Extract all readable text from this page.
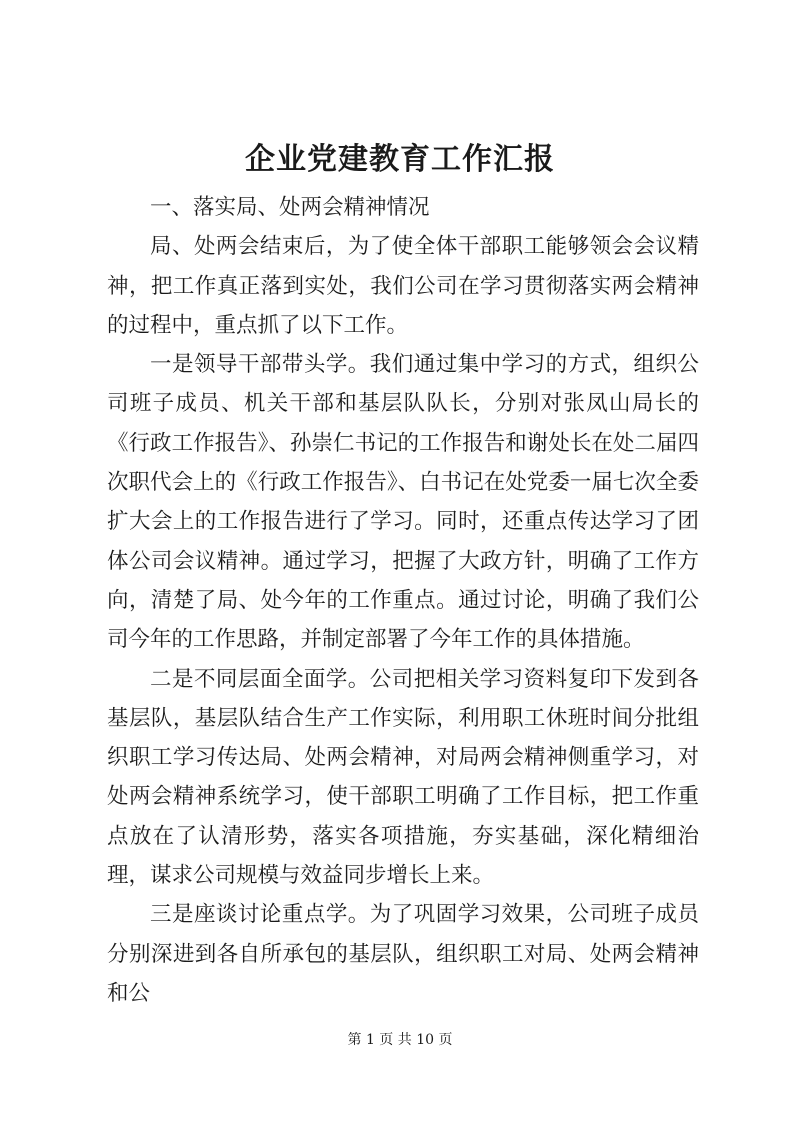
企业党建教育工作汇报

一、落实局、处两会精神情况

局、处两会结束后，为了使全体干部职工能够领会会议精神，把工作真正落到实处，我们公司在学习贯彻落实两会精神的过程中，重点抓了以下工作。

一是领导干部带头学。我们通过集中学习的方式，组织公司班子成员、机关干部和基层队队长，分别对张凤山局长的《行政工作报告》、孙崇仁书记的工作报告和谢处长在处二届四次职代会上的《行政工作报告》、白书记在处党委一届七次全委扩大会上的工作报告进行了学习。同时，还重点传达学习了团体公司会议精神。通过学习，把握了大政方针，明确了工作方向，清楚了局、处今年的工作重点。通过讨论，明确了我们公司今年的工作思路，并制定部署了今年工作的具体措施。

二是不同层面全面学。公司把相关学习资料复印下发到各基层队，基层队结合生产工作实际，利用职工休班时间分批组织职工学习传达局、处两会精神，对局两会精神侧重学习，对处两会精神系统学习，使干部职工明确了工作目标，把工作重点放在了认清形势，落实各项措施，夯实基础，深化精细治理，谋求公司规模与效益同步增长上来。

三是座谈讨论重点学。为了巩固学习效果，公司班子成员分别深进到各自所承包的基层队，组织职工对局、处两会精神和公

第 1 页 共 10 页
